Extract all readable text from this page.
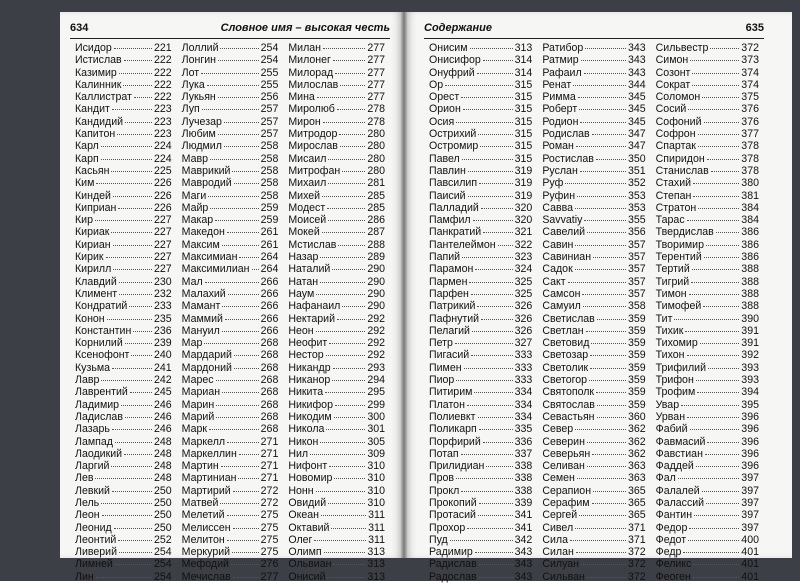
634	Словное имя – высокая честь
Исидор	221
Истислав	222
Казимир	222
Калинник	222
Каллистрат 222
Кандит	223
Кандидий	223
Капитон	223
Карл	224
Карп	224
Касьян	225
Ким	226
Киндей	226
Киприан	226
Кир	227
Кириак	227
Кириан	227
Кирик	227
Кирилл	227
Клавдий	230
Климент	232
Кондратий	233
Конон	235
Константин 236
Корнилий	239
Ксенофонт 240
Кузьма	241
Лавр	242
Лаврентий 245
Ладимир	246
Ладислав	246
Лазарь	246
Лампад	248
Лаодикий	248
Ларгий	248
Лев	248
Левкий	250
Лель	250
Леон	250
Леонид	250
Леонтий	252
Ливерий	254
Лимней	254
Лин	254
Лоллий	254
Лонгин	254
Лот	255
Лука	255
Лукьян	256
Луп	257
Лучезар	257
Любим	257
Людмил	258
Мавр	258
Маврикий	258
Мавродий	258
Маги	258
Майр	259
Макар	259
Македон	261
Максим	261
Максимиан 264
Максимилиан 264
Мал	266
Малахий	266
Мамант	266
Маммий	266
Мануил	266
Мар	268
Мардарий	268
Мардоний	268
Марес	268
Мариан	268
Марин	268
Марий	268
Марк	268
Маркелл	271
Маркеллин 271
Мартин	271
Мартиниан 271
Мартирий	272
Матвей	272
Мелетий	275
Мелиссен	275
Мелитон	275
Меркурий	275
Мефодий	276
Мечислав	277
Милан	277
Милонег	277
Милорад	277
Милослав	277
Мина	277
Миролюб	278
Мирон	278
Митродор	280
Мирослав	280
Мисаил	280
Митрофан	280
Михаил	281
Михей	285
Модест	285
Моисей	286
Мокей	287
Мстислав	288
Назар	289
Наталий	290
Натан	290
Наум	290
Нафанаил	290
Нектарий	292
Неон	292
Неофит	292
Нестор	292
Никандр	293
Никанор	294
Никита	295
Никифор	299
Никодим	300
Никола	301
Никон	305
Нил	309
Нифонт	310
Новомир	310
Нонн	310
Овидий	310
Океан	311
Октавий	311
Олег	311
Олимп	313
Ольвиан	313
Онисий	313
Содержание	635
Онисим	313
Онисифор	314
Онуфрий	314
Ор	315
Орест	315
Орион	315
Осия	315
Острихий	315
Остромир	315
Павел	315
Павлин	319
Павсилип	319
Паисий	319
Палладий	320
Памфил	320
Панкратий	321
Пантелеймон 322
Папий	323
Парамон	324
Пармен	325
Парфен	325
Патрикий	326
Пафнутий	326
Пелагий	326
Петр	327
Пигасий	333
Пимен	333
Пиор	333
Питирим	334
Платон	334
Полиевкт	334
Поликарп	335
Порфирий	336
Потап	337
Прилидиан	338
Пров	338
Прокл	338
Прокопий	339
Протасий	341
Прохор	341
Пуд	342
Радимир	343
Радислав	343
Радослав	343
Ратибор	343
Ратмир	343
Рафаил	343
Ренат	344
Римма	345
Роберт	345
Родион	345
Родислав	347
Роман	347
Ростислав	350
Руслан	351
Руф	352
Руфин	353
Савва	353
Savvatiy	355
Савелий	356
Савин	357
Савиниан	357
Садок	357
Сакт	357
Самсон	357
Самуил	358
Светислав	359
Светлан	359
Световид	359
Светозар	359
Светолик	359
Светогор	359
Святополк	359
Святослав	359
Севастьян	360
Север	362
Северин	362
Северьян	362
Селиван	363
Семен	363
Серапион	365
Серафим	365
Сергей	365
Сивел	371
Сила	371
Силан	372
Силуан	372
Сильван	372
Сильвестр	372
Симон	373
Созонт	374
Сократ	374
Соломон	375
Сосий	376
Софоний	376
Софрон	377
Спартак	378
Спиридон	378
Станислав	378
Стахий	380
Степан	381
Стратон	384
Тарас	384
Твердислав	386
Творимир	386
Терентий	386
Тертий	388
Тигрий	388
Тимон	388
Тимофей	388
Тит	390
Тихик	391
Тихомир	391
Тихон	392
Трифилий	393
Трифон	393
Трофим	394
Увар	395
Урван	396
Фабий	396
Фавмасий	396
Фавстиан	396
Фаддей	396
Фал	397
Фалалей	397
Фалассий	397
Фантин	397
Федор	397
Федот	400
Федр	401
Феликс	401
Феоген	401
